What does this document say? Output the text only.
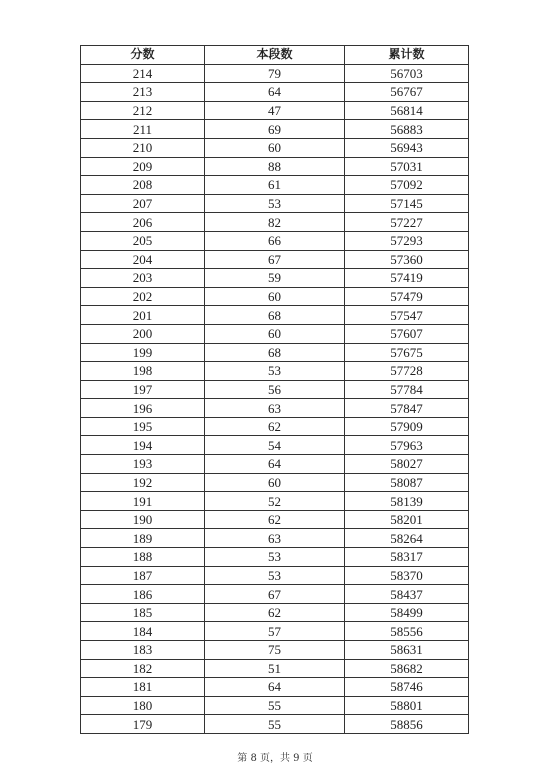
分数	本段数	累计数
214	79	56703
213	64	56767
212	47	56814
211	69	56883
210	60	56943
209	88	57031
208	61	57092
207	53	57145
206	82	57227
205	66	57293
204	67	57360
203	59	57419
202	60	57479
201	68	57547
200	60	57607
199	68	57675
198	53	57728
197	56	57784
196	63	57847
195	62	57909
194	54	57963
193	64	58027
192	60	58087
191	52	58139
190	62	58201
189	63	58264
188	53	58317
187	53	58370
186	67	58437
185	62	58499
184	57	58556
183	75	58631
182	51	58682
181	64	58746
180	55	58801
179	55	58856
第 8 页，共 9 页
